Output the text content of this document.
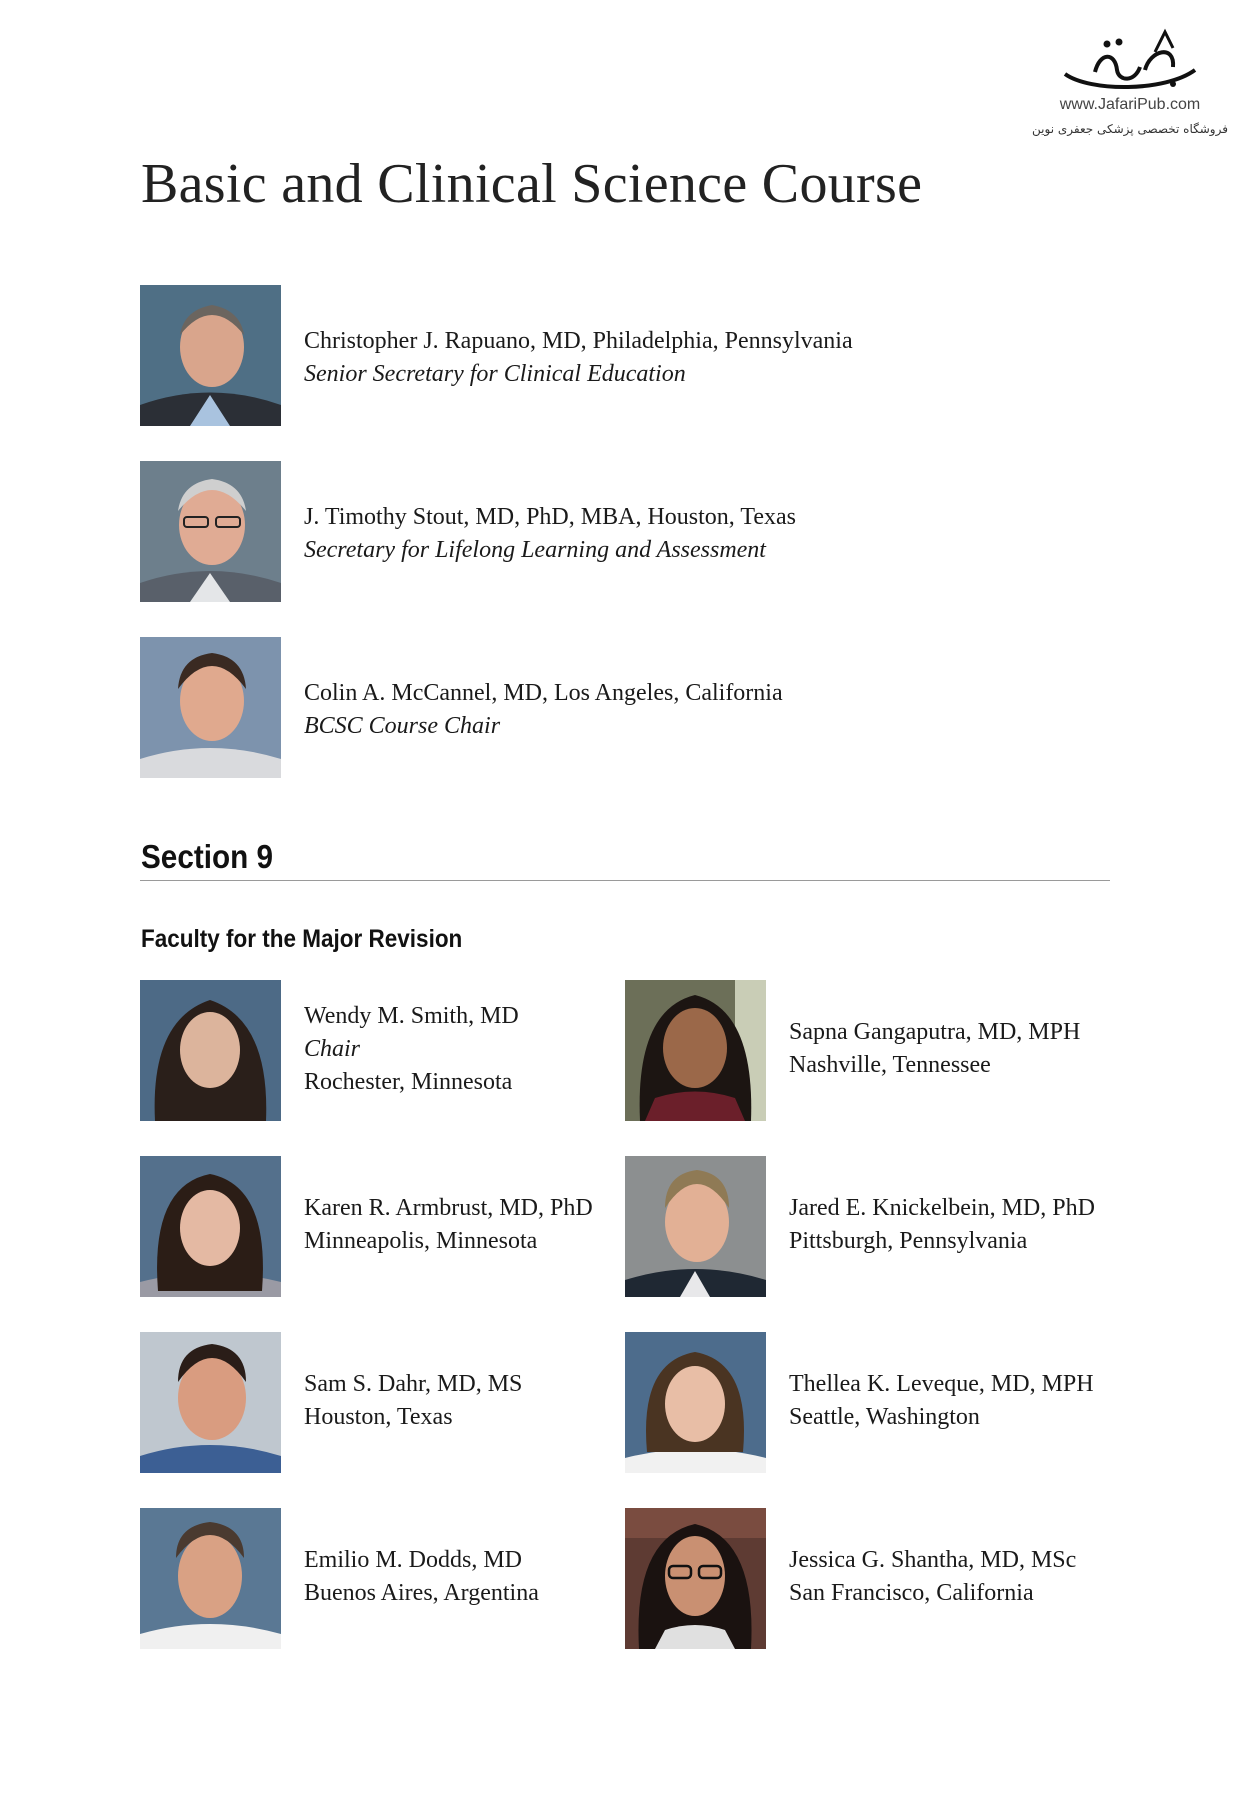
www.JafariPub.com
فروشگاه تخصصی پزشکی جعفری نوین
Basic and Clinical Science Course
Christopher J. Rapuano, MD, Philadelphia, Pennsylvania
Senior Secretary for Clinical Education
J. Timothy Stout, MD, PhD, MBA, Houston, Texas
Secretary for Lifelong Learning and Assessment
Colin A. McCannel, MD, Los Angeles, California
BCSC Course Chair
Section 9
Faculty for the Major Revision
Wendy M. Smith, MD
Chair
Rochester, Minnesota
Sapna Gangaputra, MD, MPH
Nashville, Tennessee
Karen R. Armbrust, MD, PhD
Minneapolis, Minnesota
Jared E. Knickelbein, MD, PhD
Pittsburgh, Pennsylvania
Sam S. Dahr, MD, MS
Houston, Texas
Thellea K. Leveque, MD, MPH
Seattle, Washington
Emilio M. Dodds, MD
Buenos Aires, Argentina
Jessica G. Shantha, MD, MSc
San Francisco, California
